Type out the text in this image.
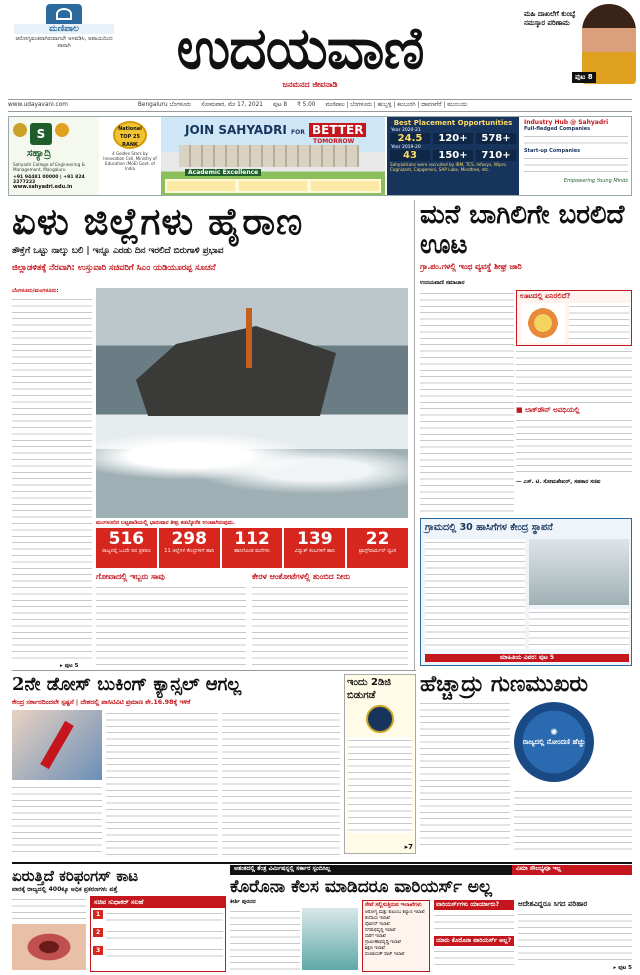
ಮಣಿಪಾಲ
ಆರೋಗ್ಯವಂತರಾಗಿರುವಾಗಲೇ ಅಳವಡಿಸಿ, ಅಪಾಯದಿಂದ ಪಾರಾಗಿ	ಉದಯವಾಣಿ
ಜನಮನದ ಜೀವನಾಡಿ
ಮಹಿ ದಾಖಲೆಗೆ ಕುಂಬ್ಳೆ ನಮಸ್ಕಾರ ಪರಿಣಾಮ
ಪುಟ 8
www.udayavani.com	Bengaluru ಬೆಂಗಳೂರು ಸೋಮವಾರ, ಮೇ 17, 2021 ಪುಟ 8 ₹ 5.00 ಮಣಿಪಾಲ | ಬೆಂಗಳೂರು | ಹುಬ್ಬಳ್ಳಿ | ಕಲಬುರಗಿ | ದಾವಣಗೆರೆ | ಮುಂಬಯಿ
S
ಸಹ್ಯಾದ್ರಿ
Sahyadri College of Engineering & Management, Mangaluru
+91 94481 00000 | +91 824 2277222
www.sahyadri.edu.in
National TOP 25 RANK
4 Golden Stars by Innovation Cell, Ministry of Education (MoE) Govt. of India
JOIN SAHYADRI FOR BETTER
TOMORROW
Academic Excellence
Best Placement Opportunities
Year 2020-21
24.5	120+	578+
Year 2019-20
43	150+	710+
Sahyadrians were recruited by IBM, TCS, Infosys, Wipro Cognizant, Capgemini, SAP Labs, Mindtree, etc.
Industry Hub @ Sahyadri
Full-fledged Companies
Start-up Companies
Empowering Young Minds
ಏಳು ಜಿಲ್ಲೆಗಳು ಹೈರಾಣ
ತೌಕ್ತೆಗೆ ಒಟ್ಟು ನಾಲ್ಕು ಬಲಿ | ಇನ್ನೂ ಎರಡು ದಿನ ಇರಲಿದೆ ಬಿರುಗಾಳಿ ಪ್ರಭಾವ
ಜಿಲ್ಲಾಡಳಿತಕ್ಕೆ ನೆರವಾಗಿ: ಉಸ್ತುವಾರಿ ಸಚಿವರಿಗೆ ಸಿಎಂ ಯಡಿಯೂರಪ್ಪ ಸೂಚನೆ
ಬೆಂಗಳೂರು/ಮಂಗಳೂರು:
ಮಂಗಳೂರಿನ ಬಟ್ಟಪಾಡಿಯಲ್ಲಿ ಭಾನುವಾರ ತೀವ್ರ ಕಡಲ್ಕೊರೆತ ಉಂಟಾಗಿರುವುದು.
516
ರಾಜ್ಯದಲ್ಲಿ ಒಂದೇ ದಿನ ಪ್ರಕರಣ
298
11 ಜಿಲ್ಲೆಗಳ ಕೇಂದ್ರಗಳಿಗೆ ಹಾನಿ
112
ಹಾನಿಗೊಂಡ ಮನೆಗಳು
139
ವಿದ್ಯುತ್ ಕಂಬಗಳಿಗೆ ಹಾನಿ
22
ಟ್ರಾನ್ಸ್‌ಫಾರ್ಮರ್ ಧ್ವಂಸ
▸ ಪುಟ 5
ಗೋವಾದಲ್ಲಿ ಇಬ್ಬರು ಸಾವು	ಕೇರಳ ಆಂಕೋಟೆಗಳಲ್ಲಿ ತುಂಬಿದ ನೀರು
ಮನೆ ಬಾಗಿಲಿಗೇ ಬರಲಿದೆ ಊಟ
ಗ್ರಾ.ಪಂ.ಗಳಲ್ಲಿ ಇಂಥ ವ್ಯವಸ್ಥೆ ಶೀಘ್ರ ಜಾರಿ
ಉದಯವಾಣಿ ಸಮಾಚಾರ
ಊಟದಲ್ಲಿ ಏನಿರಲಿದೆ?
■ ಲಾಕ್‌ಡೌನ್‌ ಅವಧಿಯಲ್ಲಿ
— ಎಸ್. ಟಿ. ಸೋಮಶೇಖರ್, ಸಹಕಾರ ಸಚಿವ
ಗ್ರಾಮದಲ್ಲಿ 30 ಹಾಸಿಗೆಗಳ ಕೇಂದ್ರ ಸ್ಥಾಪನೆ
ಮಾಹಿತಿಯ ವಿವರ: ಪುಟ 5
ಹೆಚ್ಚಾದ್ರು ಗುಣಮುಖರು
✺
ರಾಜ್ಯದಲ್ಲಿ ನೋಂದಣಿ ಹೆಚ್ಚು
2ನೇ ಡೋಸ್ ಬುಕಿಂಗ್ ಕ್ಯಾನ್ಸಲ್ ಆಗಲ್ಲ
ಕೇಂದ್ರ ಸರ್ಕಾರದಿಂದಲೇ ಸ್ಪಷ್ಟನೆ | ದೇಶದಲ್ಲಿ ಪಾಸಿಟಿವಿಟಿ ಪ್ರಮಾಣ ಶೇ.16.98ಕ್ಕೆ ಇಳಿಕೆ
ಇಂದು 2ಡಿಜಿ
ಬಿಡುಗಡೆ
▸7
ಏರುತ್ತಿದೆ ಕರಿಫಂಗಸ್ ಕಾಟ
ವಾರಕ್ಕೆ ರಾಜ್ಯದಲ್ಲಿ 400ಕ್ಕೂ ಅಧಿಕ ಪ್ರಕರಣಗಳು ಪತ್ತೆ
ಸಚಿವ ಸುಧಾಕರ್ ಸಲಹೆ
1
2
3
ಆತಂಕದಲ್ಲಿ ತೆಂತ್ರ ವಿರ್ಮಿಷನ್ನಲ್ಲಿ ಸರ್ಕಾರ ಸ್ಪಂದಿಸಿಲ್ಲ	ವಿಮಾ ಸೌಲಭ್ಯವೂ ಇಲ್ಲ
ಕೊರೊನಾ ಕೆಲಸ ಮಾಡಿದರೂ ವಾರಿಯರ್ಸ್ ಅಲ್ಲ
ಕೀರ್ತಿ ಪುರದರ	ಸೇವೆ ಸಲ್ಲಿಸುತ್ತಿರುವ ಇಲಾಖೆಗಳು
ಆರೋಗ್ಯ ಮತ್ತು ಕುಟುಂಬ ಕಲ್ಯಾಣ ಇಲಾಖೆ
ಕಂದಾಯ ಇಲಾಖೆ
ಪೊಲೀಸ್ ಇಲಾಖೆ
ನಗರಾಭಿವೃದ್ಧಿ ಇಲಾಖೆ
ಸಾರಿಗೆ ಇಲಾಖೆ
ಗ್ರಾಮೀಣಾಭಿವೃದ್ಧಿ ಇಲಾಖೆ
ಶಿಕ್ಷಣ ಇಲಾಖೆ
ಪಂಚಾಯತ್ ರಾಜ್ ಇಲಾಖೆ
ವಾರಿಯರ್ಸ್‌ಗಳು ಯಾರ್ಯಾರು?
ಯಾರು ಕೊರೊನಾ ವಾರಿಯರ್ಸ್ ಅಲ್ಲ?
ಆದೇಶವಿದ್ದರೂ ಸಿಗದ ಪರಿಹಾರ
▸ ಪುಟ 5
